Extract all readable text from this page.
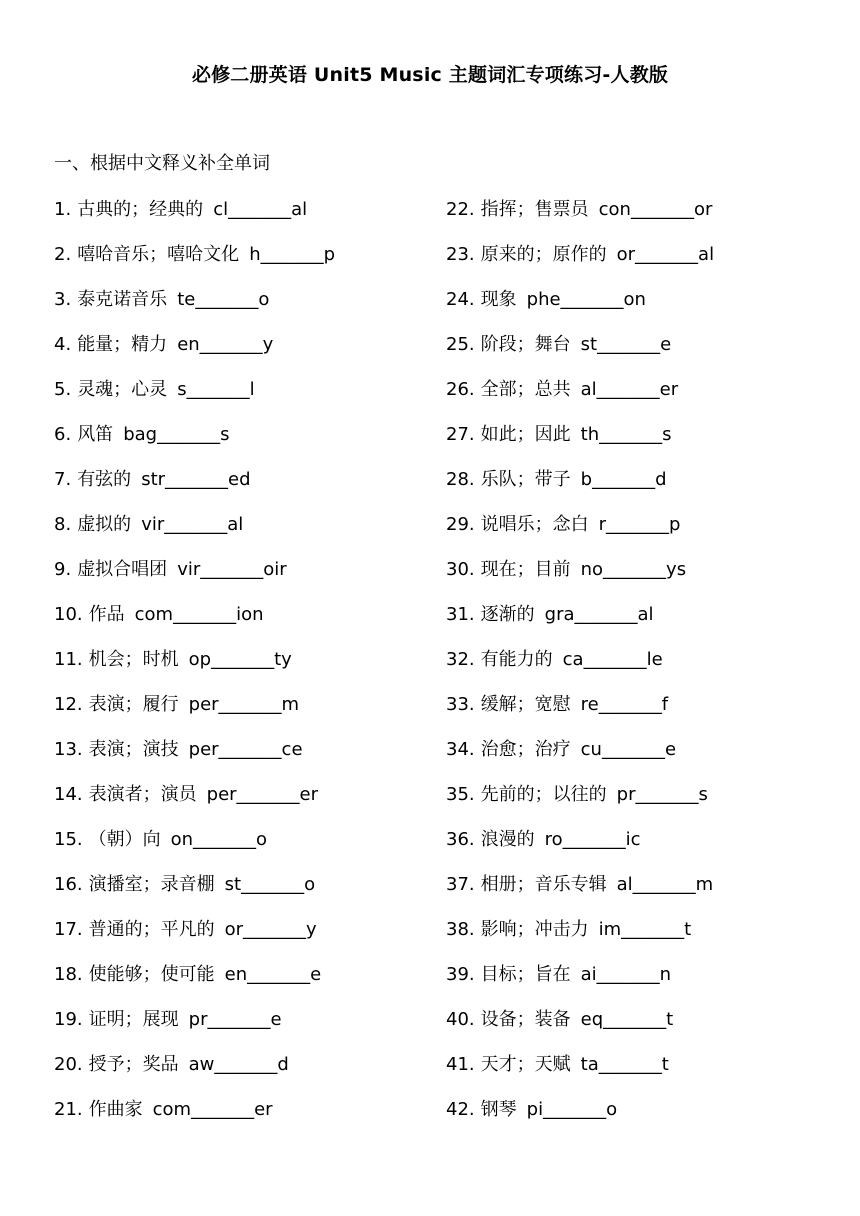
必修二册英语 Unit5 Music 主题词汇专项练习-人教版
一、根据中文释义补全单词
1. 古典的；经典的 cl_______al
2. 嘻哈音乐；嘻哈文化 h_______p
3. 泰克诺音乐 te_______o
4. 能量；精力 en_______y
5. 灵魂；心灵 s_______l
6. 风笛 bag_______s
7. 有弦的 str_______ed
8. 虚拟的 vir_______al
9. 虚拟合唱团 vir_______oir
10. 作品 com_______ion
11. 机会；时机 op_______ty
12. 表演；履行 per_______m
13. 表演；演技 per_______ce
14. 表演者；演员 per_______er
15. （朝）向 on_______o
16. 演播室；录音棚 st_______o
17. 普通的；平凡的 or_______y
18. 使能够；使可能 en_______e
19. 证明；展现 pr_______e
20. 授予；奖品 aw_______d
21. 作曲家 com_______er
22. 指挥；售票员 con_______or
23. 原来的；原作的 or_______al
24. 现象 phe_______on
25. 阶段；舞台 st_______e
26. 全部；总共 al_______er
27. 如此；因此 th_______s
28. 乐队；带子 b_______d
29. 说唱乐；念白 r_______p
30. 现在；目前 no_______ys
31. 逐渐的 gra_______al
32. 有能力的 ca_______le
33. 缓解；宽慰 re_______f
34. 治愈；治疗 cu_______e
35. 先前的；以往的 pr_______s
36. 浪漫的 ro_______ic
37. 相册；音乐专辑 al_______m
38. 影响；冲击力 im_______t
39. 目标；旨在 ai_______n
40. 设备；装备 eq_______t
41. 天才；天赋 ta_______t
42. 钢琴 pi_______o
